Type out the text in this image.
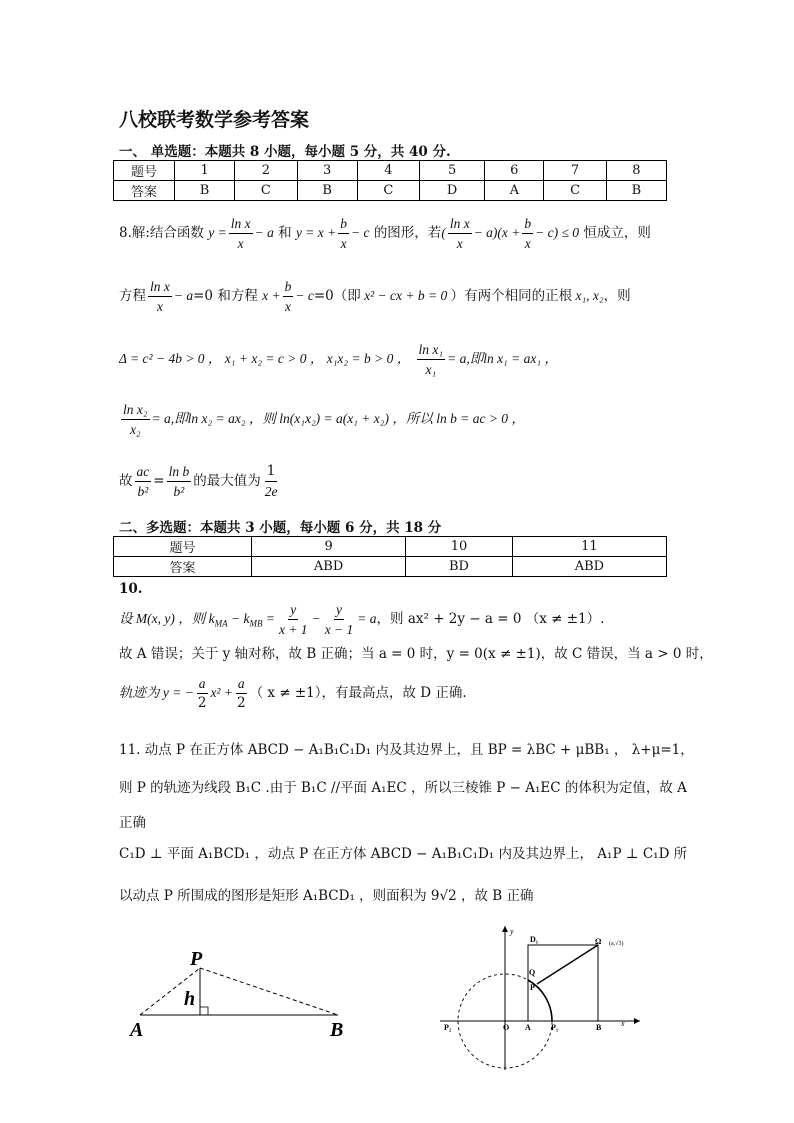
八校联考数学参考答案
一、 单选题：本题共 8 小题，每小题 5 分，共 40 分.
题号	1	2	3	4	5	6	7	8
答案	B	C	B	C	D	A	C	B
8.解:结合函数 $y = \frac{\text{ln x}}{x} - a$ 和 $y = x + \frac{b}{x} - c$ 的图形，若( $\frac{\text{ln x}}{x} - a)(x + \frac{b}{x} - c) \le 0$ 恒成立，则
方程 $\frac{\text{ln x}}{x} - a=0$ 和方程 $x + \frac{b}{x} - c=0$（即 x² − cx + b = 0 ）有两个相同的正根 x₁, x₂，则
Δ = c² − 4b > 0 ， x₁ + x₂ = c > 0 ， x₁x₂ = b > 0 ， $\frac{\text{ln x₁}}{\text{x₁}} = a$,即ln x₁ = ax₁ ，
$\frac{\text{ln x₂}}{\text{x₂}} = a$,即ln x₂ = ax₂ ，则 ln(x₁x₂) = a(x₁ + x₂) ，所以 ln b = ac > 0 ，
故 $\frac{ac}{\text{b²}} = \frac{\text{ln b}}{\text{b²}}$ 的最大值为 $\frac{1}{2e}$
二、多选题：本题共 3 小题，每小题 6 分，共 18 分
题号	9	10	11
答案	ABD	BD	ABD
10.
设 M(x, y) ，则 $k_{MA} - k_{MB} = \frac{y}{x + 1} - \frac{y}{x - 1} = a$，则 ax² + 2y − a = 0 （x ≠ ±1）.
故 A 错误；关于 y 轴对称，故 B 正确；当 a = 0 时，y = 0(x ≠ ±1)，故 C 错误，当 a > 0 时，
轨迹为 y = − $\frac{a}{2} x^2 + \frac{a}{2}$ （ x ≠ ±1），有最高点，故 D 正确.
11. 动点 P 在正方体 ABCD − A₁B₁C₁D₁ 内及其边界上，且 BP = λBC + μBB₁ ， λ+μ=1，
则 P 的轨迹为线段 B₁C .由于 B₁C //平面 A₁EC ，所以三棱锥 P − A₁EC 的体积为定值，故 A
正确
C₁D ⊥ 平面 A₁BCD₁ ，动点 P 在正方体 ABCD − A₁B₁C₁D₁ 内及其边界上， A₁P ⊥ C₁D 所
以动点 P 所围成的图形是矩形 A₁BCD₁ ，则面积为 9√2 ，故 B 正确
P
h
A	B
y
x
D₁
Q
P
Ω (a,√3)
P₂	O A	P₁	B
